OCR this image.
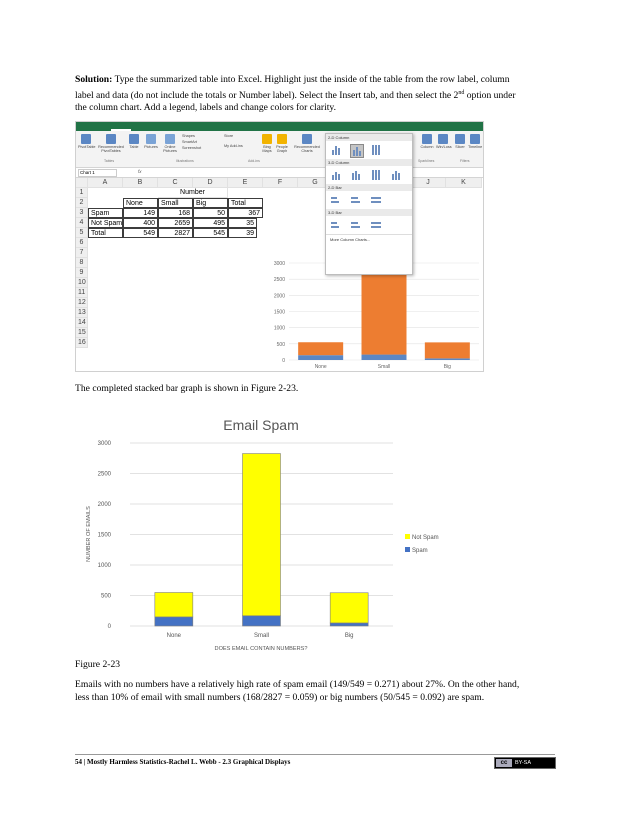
Solution: Type the summarized table into Excel. Highlight just the inside of the table from the row label, column
label and data (do not include the totals or Number label). Select the Insert tab, and then select the 2nd option under
the column chart. Add a legend, labels and change colors for clarity.
PivotTable Recommended PivotTables
Table	Pictures	Online Pictures
Shapes
SmartArt
Screenshot
Store
My Add-ins	Bing Maps
People Graph
Recommended Charts
Column Win/Loss Slicer Timeline
Tables	Illustrations	Add-ins	Sparklines	Filters
Chart 1	fx
A	B	C	D	E	F	G	J	K
1
2
3
4
5
6
7
8
9
10
11
12
13
14
15
16
Number
None	Small	Big	Total
Spam	149	168	50	367
Not Spam	400	2659	495	35
Total	549	2827	545	39
3000
2500
2000
1500
1000
500
0
None	Small	Big
2-D Column
3-D Column
2-D Bar
3-D Bar
More Column Charts...
The completed stacked bar graph is shown in Figure 2-23.
Email Spam
DOES EMAIL CONTAIN NUMBERS?
NUMBER OF EMAILS
0
500
1000
1500
2000
2500
3000
None	Small	Big
Not Spam
Spam
Figure 2-23
Emails with no numbers have a relatively high rate of spam email (149/549 = 0.271) about 27%. On the other hand,
less than 10% of email with small numbers (168/2827 = 0.059) or big numbers (50/545 = 0.092) are spam.
54 | Mostly Harmless Statistics-Rachel L. Webb - 2.3 Graphical Displays	cc	BY-SA
